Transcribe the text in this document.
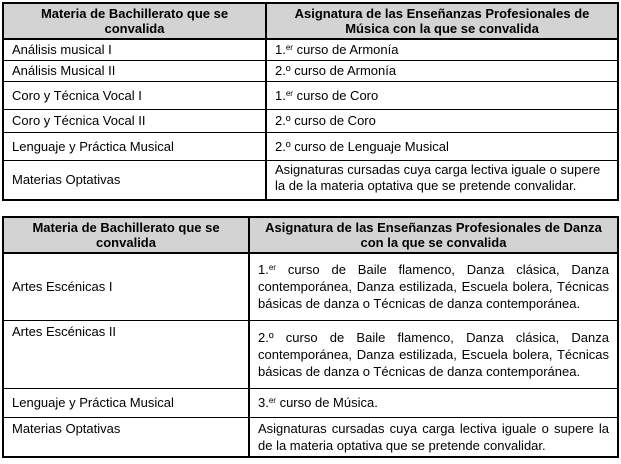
Materia de Bachillerato que se convalida	Asignatura de las Enseñanzas Profesionales de Música con la que se convalida
Análisis musical I	1.$^{er}$ curso de Armonía
Análisis Musical II	2.º curso de Armonía
Coro y Técnica Vocal I	1.$^{er}$ curso de Coro
Coro y Técnica Vocal II	2.º curso de Coro
Lenguaje y Práctica Musical	2.º curso de Lenguaje Musical
Materias Optativas	Asignaturas cursadas cuya carga lectiva iguale o supere  la de la materia optativa que se pretende convalidar.
Materia de Bachillerato que se convalida	Asignatura de las Enseñanzas Profesionales de Danza con la que se convalida
Artes Escénicas I	1.$^{er}$ curso de Baile flamenco, Danza clásica, Danza contemporánea, Danza estilizada, Escuela bolera, Técnicas básicas de danza o Técnicas de danza contemporánea.
Artes Escénicas II	2.º curso de Baile flamenco, Danza clásica, Danza contemporánea, Danza estilizada, Escuela bolera, Técnicas básicas de danza o Técnicas de danza contemporánea.
Lenguaje y Práctica Musical	3.$^{er}$ curso de Música.
Materias Optativas	Asignaturas cursadas cuya carga lectiva iguale o supere la de la materia optativa que se pretende convalidar.
